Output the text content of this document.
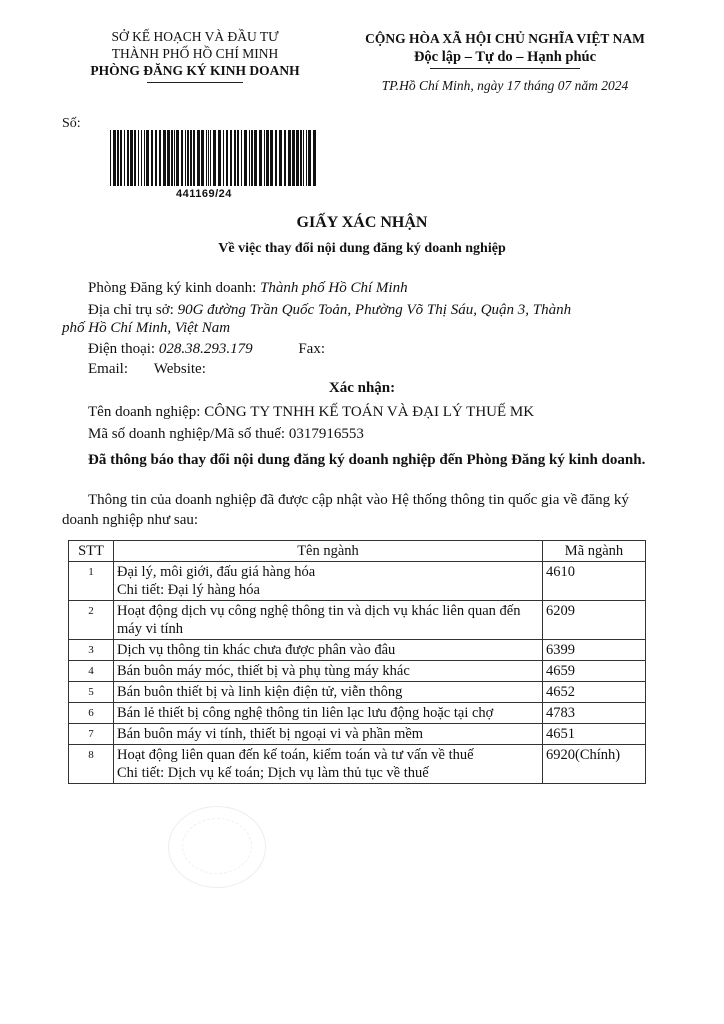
SỞ KẾ HOẠCH VÀ ĐẦU TƯ
THÀNH PHỐ HỒ CHÍ MINH
PHÒNG ĐĂNG KÝ KINH DOANH
CỘNG HÒA XÃ HỘI CHỦ NGHĨA VIỆT NAM
Độc lập – Tự do – Hạnh phúc
TP.Hồ Chí Minh, ngày 17 tháng 07 năm 2024
Số:
441169/24
GIẤY XÁC NHẬN
Về việc thay đổi nội dung đăng ký doanh nghiệp
Phòng Đăng ký kinh doanh: Thành phố Hồ Chí Minh
Địa chỉ trụ sở: 90G đường Trần Quốc Toản, Phường Võ Thị Sáu, Quận 3, Thành
phố Hồ Chí Minh, Việt Nam
Điện thoại: 028.38.293.179	Fax:
Email: Website:
Xác nhận:
Tên doanh nghiệp: CÔNG TY TNHH KẾ TOÁN VÀ ĐẠI LÝ THUẾ MK
Mã số doanh nghiệp/Mã số thuế: 0317916553
Đã thông báo thay đổi nội dung đăng ký doanh nghiệp đến Phòng Đăng ký kinh doanh.
Thông tin của doanh nghiệp đã được cập nhật vào Hệ thống thông tin quốc gia về đăng ký doanh nghiệp như sau:
STT	Tên ngành	Mã ngành
1	Đại lý, môi giới, đấu giá hàng hóa
Chi tiết: Đại lý hàng hóa	4610
2	Hoạt động dịch vụ công nghệ thông tin và dịch vụ khác liên quan đến máy vi tính	6209
3	Dịch vụ thông tin khác chưa được phân vào đâu	6399
4	Bán buôn máy móc, thiết bị và phụ tùng máy khác	4659
5	Bán buôn thiết bị và linh kiện điện tử, viễn thông	4652
6	Bán lẻ thiết bị công nghệ thông tin liên lạc lưu động hoặc tại chợ	4783
7	Bán buôn máy vi tính, thiết bị ngoại vi và phần mềm	4651
8	Hoạt động liên quan đến kế toán, kiểm toán và tư vấn về thuế
Chi tiết: Dịch vụ kế toán; Dịch vụ làm thủ tục về thuế	6920(Chính)
